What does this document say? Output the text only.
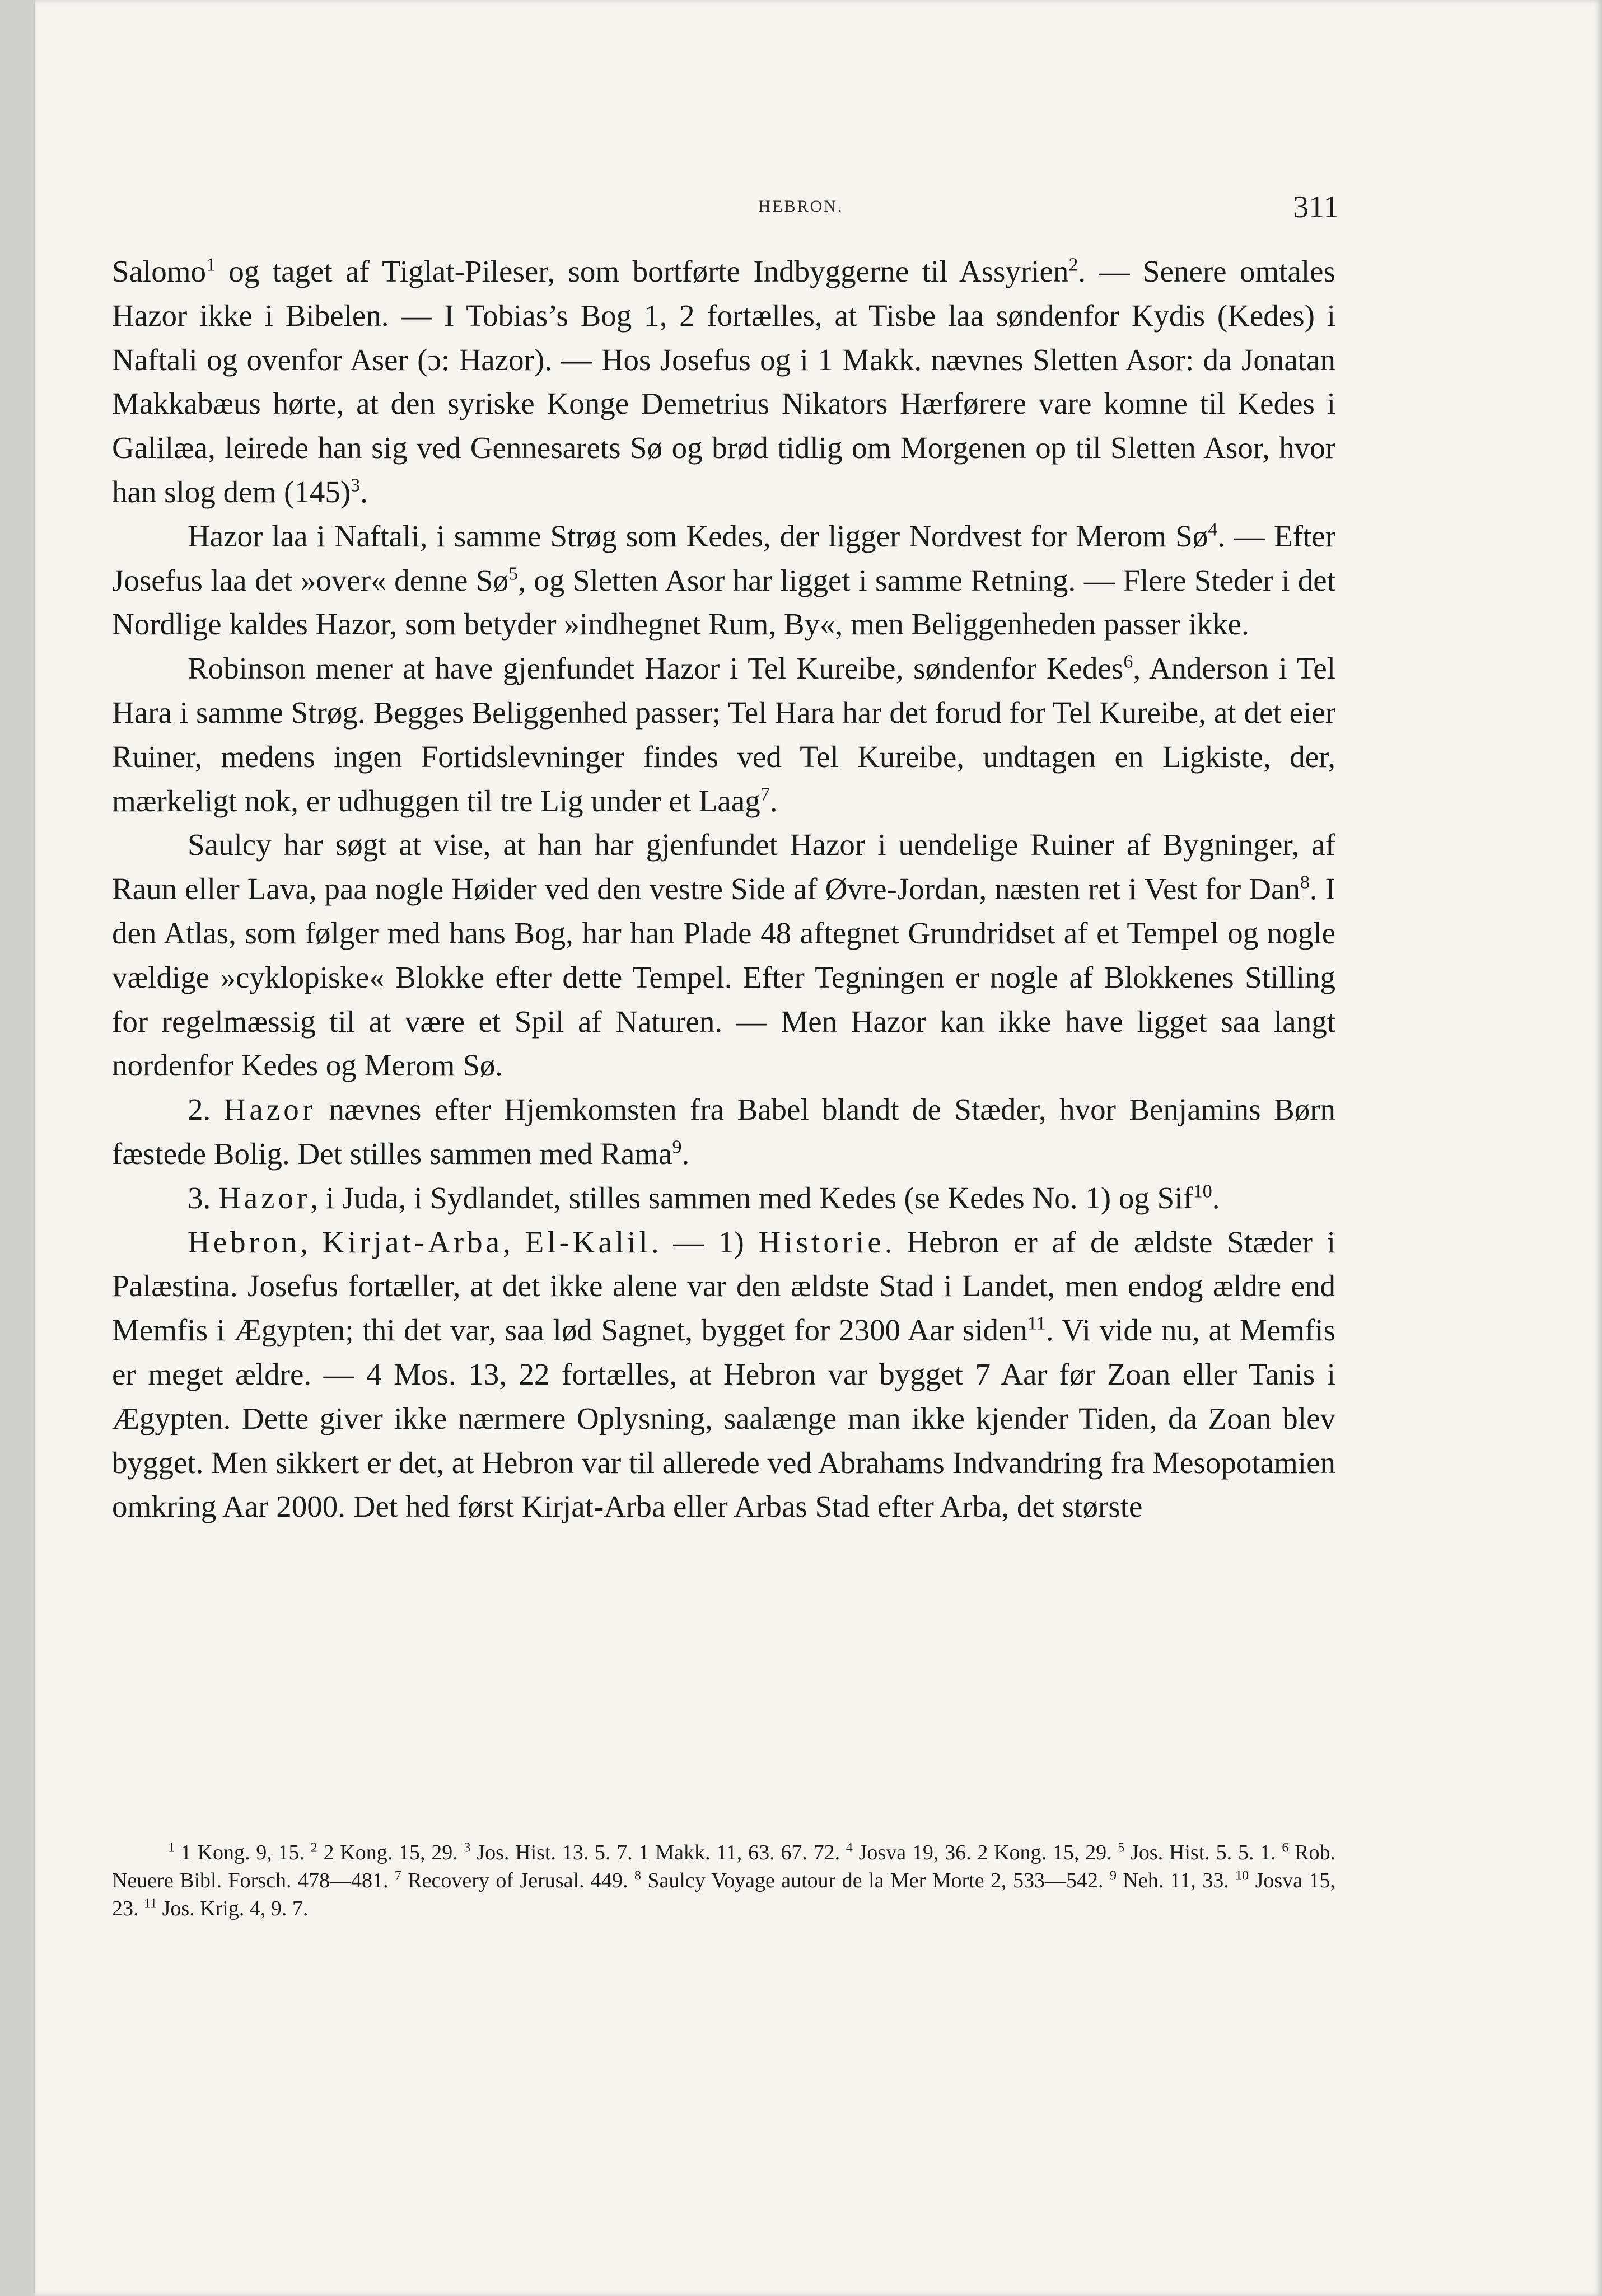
HEBRON.	311

Salomo$^1$ og taget af Tiglat-Pileser, som bortførte Indbyggerne til Assyrien$^2$. — Senere omtales Hazor ikke i Bibelen. — I Tobias’s Bog 1, 2 fortælles, at Tisbe laa søndenfor Kydis (Kedes) i Naftali og ovenfor Aser (ɔ: Hazor). — Hos Josefus og i 1 Makk. nævnes Sletten Asor: da Jonatan Makkabæus hørte, at den syriske Konge Demetrius Nikators Hærførere vare komne til Kedes i Galilæa, leirede han sig ved Gennesarets Sø og brød tidlig om Morgenen op til Sletten Asor, hvor han slog dem $(145)^3$.

Hazor laa i Naftali, i samme Strøg som Kedes, der ligger Nordvest for Merom $Sø^4$. — Efter Josefus laa det »over« denne $Sø^5$, og Sletten Asor har ligget i samme Retning. — Flere Steder i det Nordlige kaldes Hazor, som betyder »indhegnet Rum, By«, men Beliggenheden passer ikke.

Robinson mener at have gjenfundet Hazor i Tel Kureibe, søndenfor Kedes$^6$, Anderson i Tel Hara i samme Strøg. Begges Beliggenhed passer; Tel Hara har det forud for Tel Kureibe, at det eier Ruiner, medens ingen Fortidslevninger findes ved Tel Kureibe, undtagen en Ligkiste, der, mærkeligt nok, er udhuggen til tre Lig under et Laag$^7$.

Saulcy har søgt at vise, at han har gjenfundet Hazor i uendelige Ruiner af Bygninger, af Raun eller Lava, paa nogle Høider ved den vestre Side af Øvre-Jordan, næsten ret i Vest for Dan$^8$. I den Atlas, som følger med hans Bog, har han Plade 48 aftegnet Grundridset af et Tempel og nogle vældige »cyklopiske« Blokke efter dette Tempel. Efter Tegningen er nogle af Blokkenes Stilling for regelmæssig til at være et Spil af Naturen. — Men Hazor kan ikke have ligget saa langt nordenfor Kedes og Merom Sø.

2. Hazor nævnes efter Hjemkomsten fra Babel blandt de Stæder, hvor Benjamins Børn fæstede Bolig. Det stilles sammen med Rama$^9$.

3. Hazor, i Juda, i Sydlandet, stilles sammen med Kedes (se Kedes No. 1) og Sif$^{10}$.

Hebron, Kirjat-Arba, El-Kalil. — 1) Historie. Hebron er af de ældste Stæder i Palæstina. Josefus fortæller, at det ikke alene var den ældste Stad i Landet, men endog ældre end Memfis i Ægypten; thi det var, saa lød Sagnet, bygget for 2300 Aar siden$^{11}$. Vi vide nu, at Memfis er meget ældre. — 4 Mos. 13, 22 fortælles, at Hebron var bygget 7 Aar før Zoan eller Tanis i Ægypten. Dette giver ikke nærmere Oplysning, saalænge man ikke kjender Tiden, da Zoan blev bygget. Men sikkert er det, at Hebron var til allerede ved Abrahams Indvandring fra Mesopotamien omkring Aar 2000. Det hed først Kirjat-Arba eller Arbas Stad efter Arba, det største

$^1$ 1 Kong. 9, 15. $^2$ 2 Kong. 15, 29. $^3$ Jos. Hist. 13. 5. 7. 1 Makk. 11, 63. 67. 72. $^4$ Josva 19, 36. 2 Kong. 15, 29. $^5$ Jos. Hist. 5. 5. 1. $^6$ Rob. Neuere Bibl. Forsch. 478—481. $^7$ Recovery of Jerusal. 449. $^8$ Saulcy Voyage autour de la Mer Morte 2, 533—542. $^9$ Neh. 11, 33. $^{10}$ Josva 15, 23. $^{11}$ Jos. Krig. 4, 9. 7.
